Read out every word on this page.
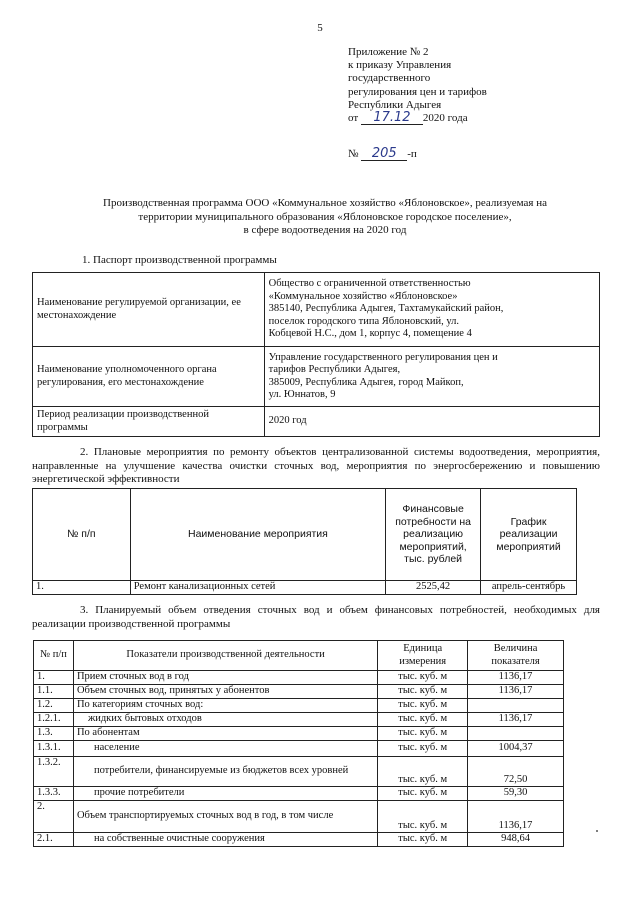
5
Приложение № 2
к приказу Управления
государственного
регулирования цен и тарифов
Республики Адыгея
от 17.12 2020 года
№ 205 -п
Производственная программа ООО «Коммунальное хозяйство «Яблоновское», реализуемая на
территории муниципального образования «Яблоновское городское поселение»,
в сфере водоотведения на 2020 год
1. Паспорт производственной программы
Наименование регулируемой организации, ее местонахождение	Общество с ограниченной ответственностью
«Коммунальное хозяйство «Яблоновское»
385140, Республика Адыгея, Тахтамукайский район,
поселок городского типа Яблоновский, ул.
Кобцевой Н.С., дом 1, корпус 4, помещение 4

Наименование уполномоченного органа регулирования, его местонахождение	Управление государственного регулирования цен и
тарифов Республики Адыгея,
385009, Республика Адыгея, город Майкоп,
ул. Юннатов, 9

Период реализации производственной программы	2020 год
2. Плановые мероприятия по ремонту объектов централизованной системы водоотведения, мероприятия, направленные на улучшение качества очистки сточных вод, мероприятия по энергосбережению и повышению энергетической эффективности
№ п/п	Наименование мероприятия	Финансовые потребности на реализацию мероприятий, тыс. рублей	График реализации мероприятий
1.	Ремонт канализационных сетей	2525,42	апрель-сентябрь
3. Планируемый объем отведения сточных вод и объем финансовых потребностей, необходимых для реализации производственной программы
№ п/п	Показатели производственной деятельности	Единица измерения	Величина показателя
1.	Прием сточных вод в год	тыс. куб. м	1136,17
1.1.	Объем сточных вод, принятых у абонентов	тыс. куб. м	1136,17
1.2.	По категориям сточных вод:	тыс. куб. м	
1.2.1.	жидких бытовых отходов	тыс. куб. м	1136,17
1.3.	По абонентам	тыс. куб. м	
1.3.1.	население	тыс. куб. м	1004,37
1.3.2.	потребители, финансируемые из бюджетов всех уровней	тыс. куб. м	72,50
1.3.3.	прочие потребители	тыс. куб. м	59,30
2.	Объем транспортируемых сточных вод в год, в том числе	тыс. куб. м	1136,17
2.1.	на собственные очистные сооружения	тыс. куб. м	948,64
